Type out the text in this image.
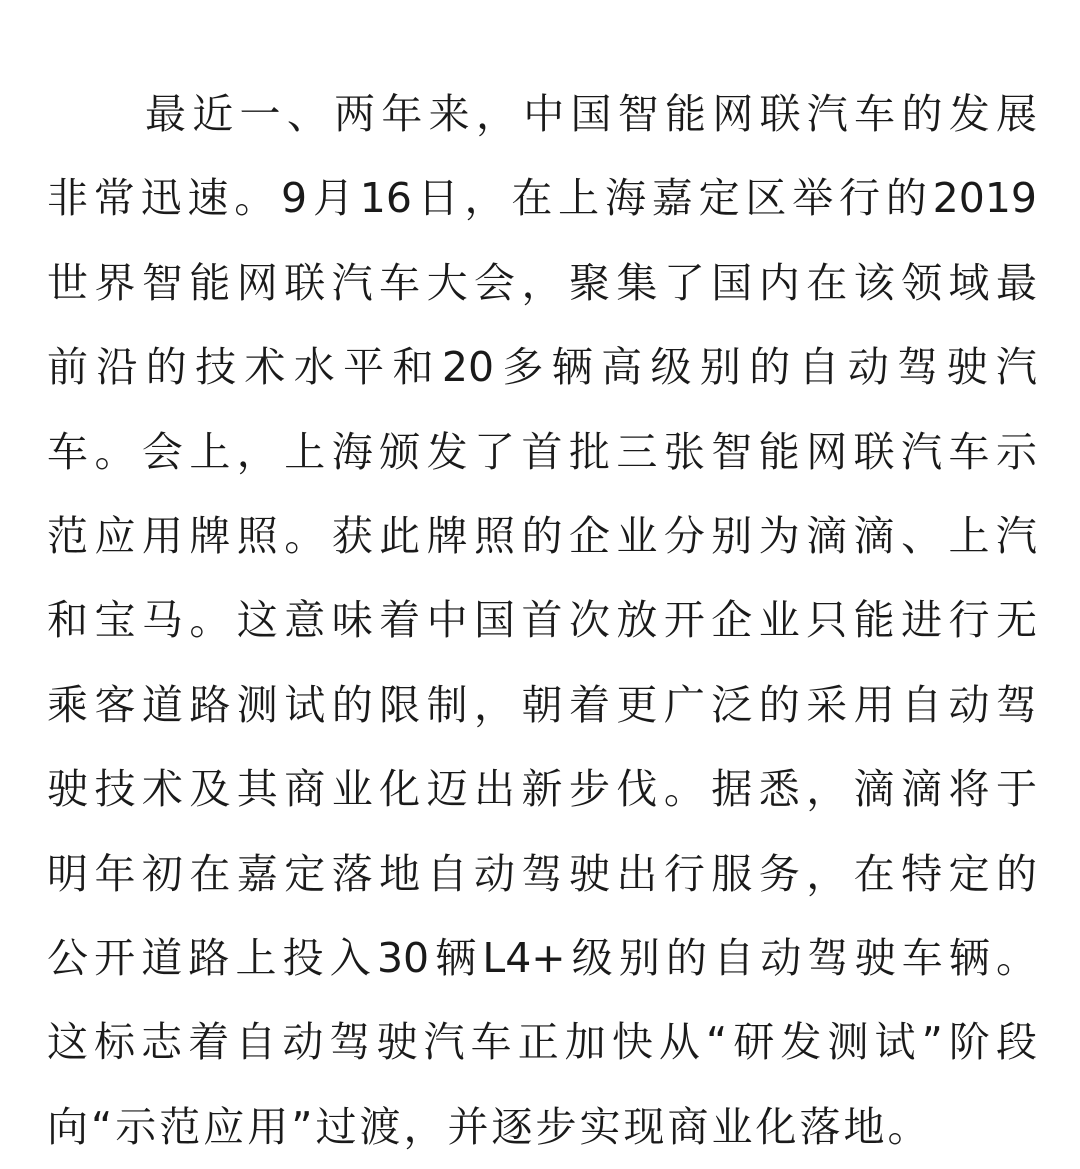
最近一、两年来，中国智能网联汽车的发展
非常迅速。9月16日，在上海嘉定区举行的2019
世界智能网联汽车大会，聚集了国内在该领域最
前沿的技术水平和20多辆高级别的自动驾驶汽
车。会上，上海颁发了首批三张智能网联汽车示
范应用牌照。获此牌照的企业分别为滴滴、上汽
和宝马。这意味着中国首次放开企业只能进行无
乘客道路测试的限制，朝着更广泛的采用自动驾
驶技术及其商业化迈出新步伐。据悉，滴滴将于
明年初在嘉定落地自动驾驶出行服务，在特定的
公开道路上投入30辆L4+级别的自动驾驶车辆。
这标志着自动驾驶汽车正加快从“研发测试”阶段
向“示范应用”过渡，并逐步实现商业化落地。
